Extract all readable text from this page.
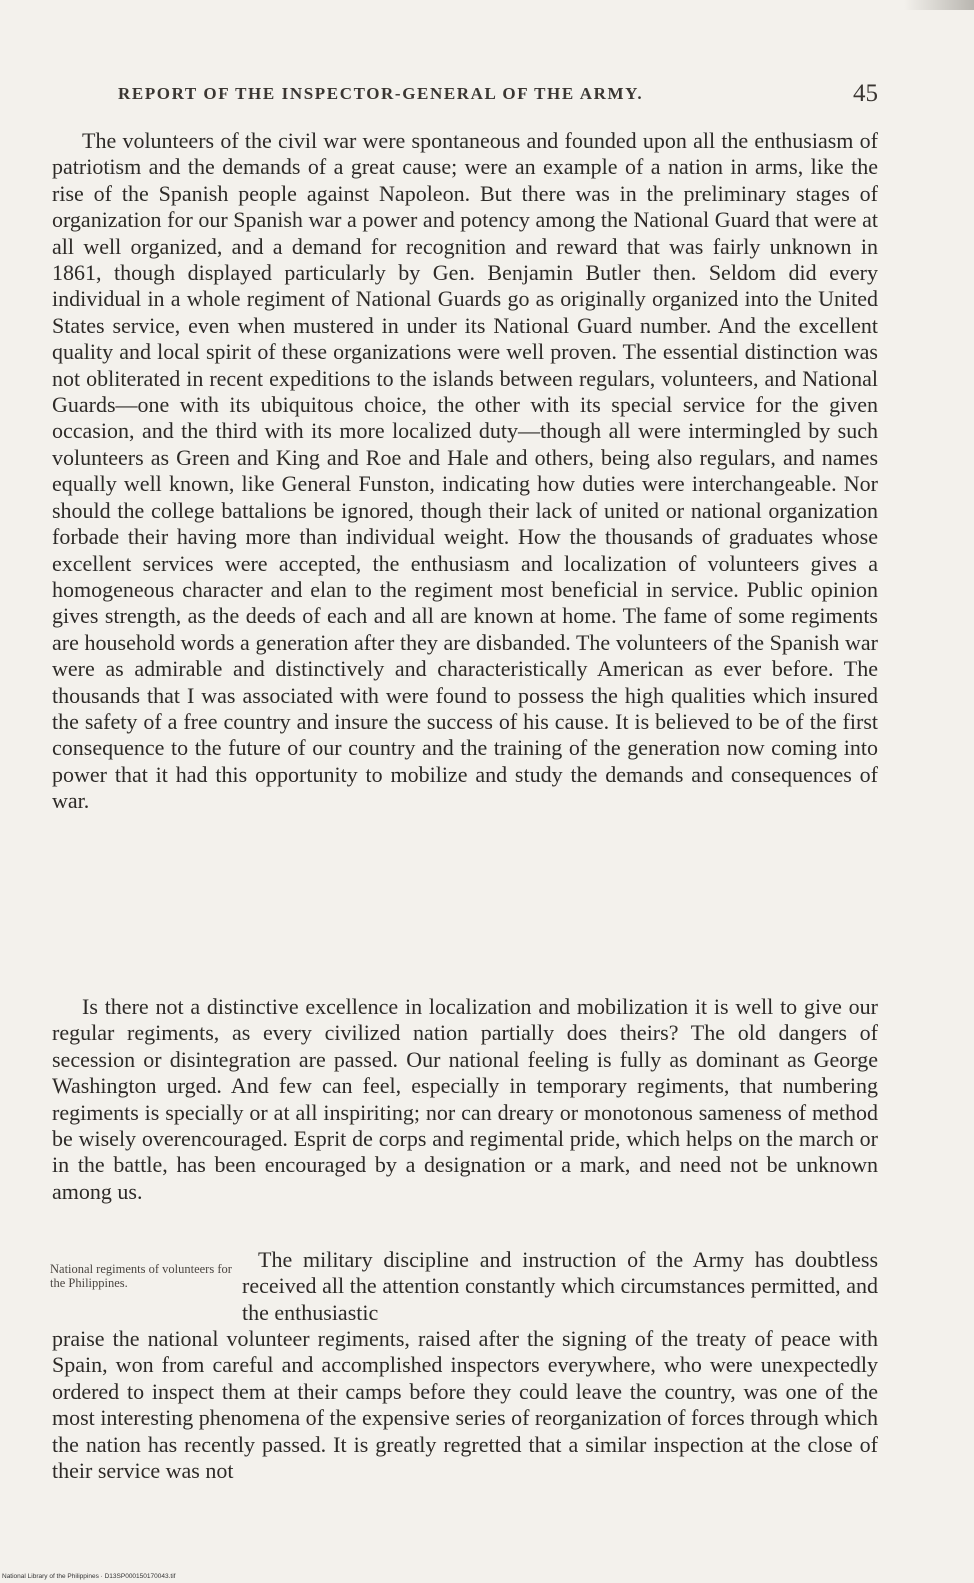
REPORT OF THE INSPECTOR-GENERAL OF THE ARMY.	45

The volunteers of the civil war were spontaneous and founded upon all the enthusiasm of patriotism and the demands of a great cause; were an example of a nation in arms, like the rise of the Spanish people against Napoleon. But there was in the preliminary stages of organization for our Spanish war a power and potency among the National Guard that were at all well organized, and a demand for recognition and reward that was fairly unknown in 1861, though displayed particularly by Gen. Benjamin Butler then. Seldom did every individual in a whole regiment of National Guards go as originally organized into the United States service, even when mustered in under its National Guard number. And the excellent quality and local spirit of these organizations were well proven. The essential distinction was not obliterated in recent expeditions to the islands between regulars, volunteers, and National Guards—one with its ubiquitous choice, the other with its special service for the given occasion, and the third with its more localized duty—though all were intermingled by such volunteers as Green and King and Roe and Hale and others, being also regulars, and names equally well known, like General Funston, indicating how duties were interchangeable. Nor should the college battalions be ignored, though their lack of united or national organization forbade their having more than individual weight. How the thousands of graduates whose excellent services were accepted, the enthusiasm and localization of volunteers gives a homogeneous character and elan to the regiment most beneficial in service. Public opinion gives strength, as the deeds of each and all are known at home. The fame of some regiments are household words a generation after they are disbanded. The volunteers of the Spanish war were as admirable and distinctively and characteristically American as ever before. The thousands that I was associated with were found to possess the high qualities which insured the safety of a free country and insure the success of his cause. It is believed to be of the first consequence to the future of our country and the training of the generation now coming into power that it had this opportunity to mobilize and study the demands and consequences of war.

Is there not a distinctive excellence in localization and mobilization it is well to give our regular regiments, as every civilized nation partially does theirs? The old dangers of secession or disintegration are passed. Our national feeling is fully as dominant as George Washington urged. And few can feel, especially in temporary regiments, that numbering regiments is specially or at all inspiriting; nor can dreary or monotonous sameness of method be wisely overencouraged. Esprit de corps and regimental pride, which helps on the march or in the battle, has been encouraged by a designation or a mark, and need not be unknown among us.

National regiments of volunteers for the Philippines.

The military discipline and instruction of the Army has doubtless received all the attention constantly which circumstances permitted, and the enthusiastic

praise the national volunteer regiments, raised after the signing of the treaty of peace with Spain, won from careful and accomplished inspectors everywhere, who were unexpectedly ordered to inspect them at their camps before they could leave the country, was one of the most interesting phenomena of the expensive series of reorganization of forces through which the nation has recently passed. It is greatly regretted that a similar inspection at the close of their service was not

National Library of the Philippines · D13SP000150170043.tif
